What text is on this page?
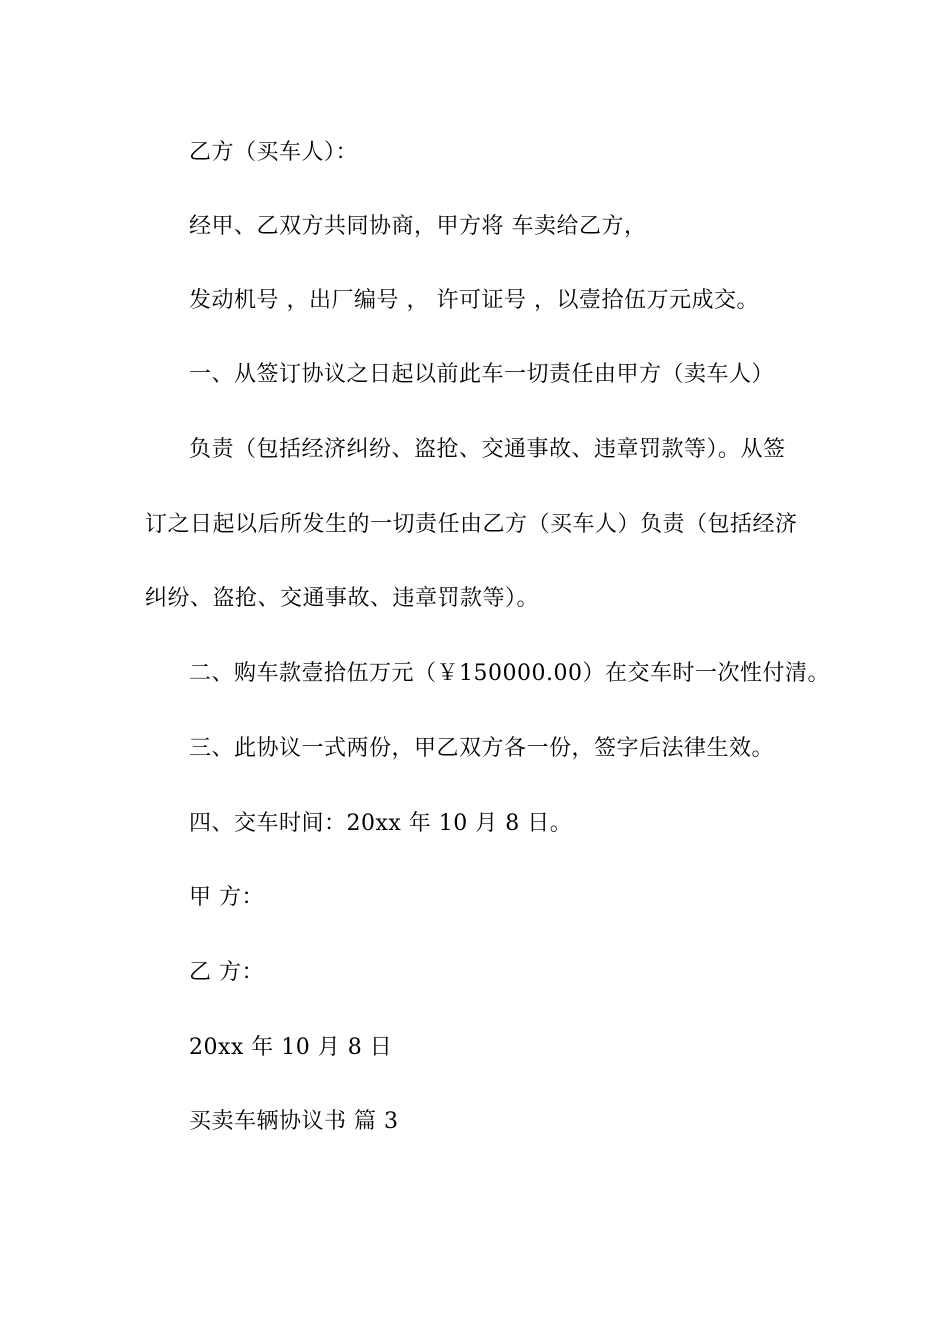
乙方（买车人）：
经甲、乙双方共同协商，甲方将 车卖给乙方，
发动机号 ，出厂编号 ， 许可证号 ，以壹拾伍万元成交。
一、从签订协议之日起以前此车一切责任由甲方（卖车人）
负责（包括经济纠纷、盗抢、交通事故、违章罚款等）。从签
订之日起以后所发生的一切责任由乙方（买车人）负责（包括经济
纠纷、盗抢、交通事故、违章罚款等）。
二、购车款壹拾伍万元（￥150000.00）在交车时一次性付清。
三、此协议一式两份，甲乙双方各一份，签字后法律生效。
四、交车时间：20xx 年 10 月 8 日。
甲 方：
乙 方：
20xx 年 10 月 8 日
买卖车辆协议书 篇 3
